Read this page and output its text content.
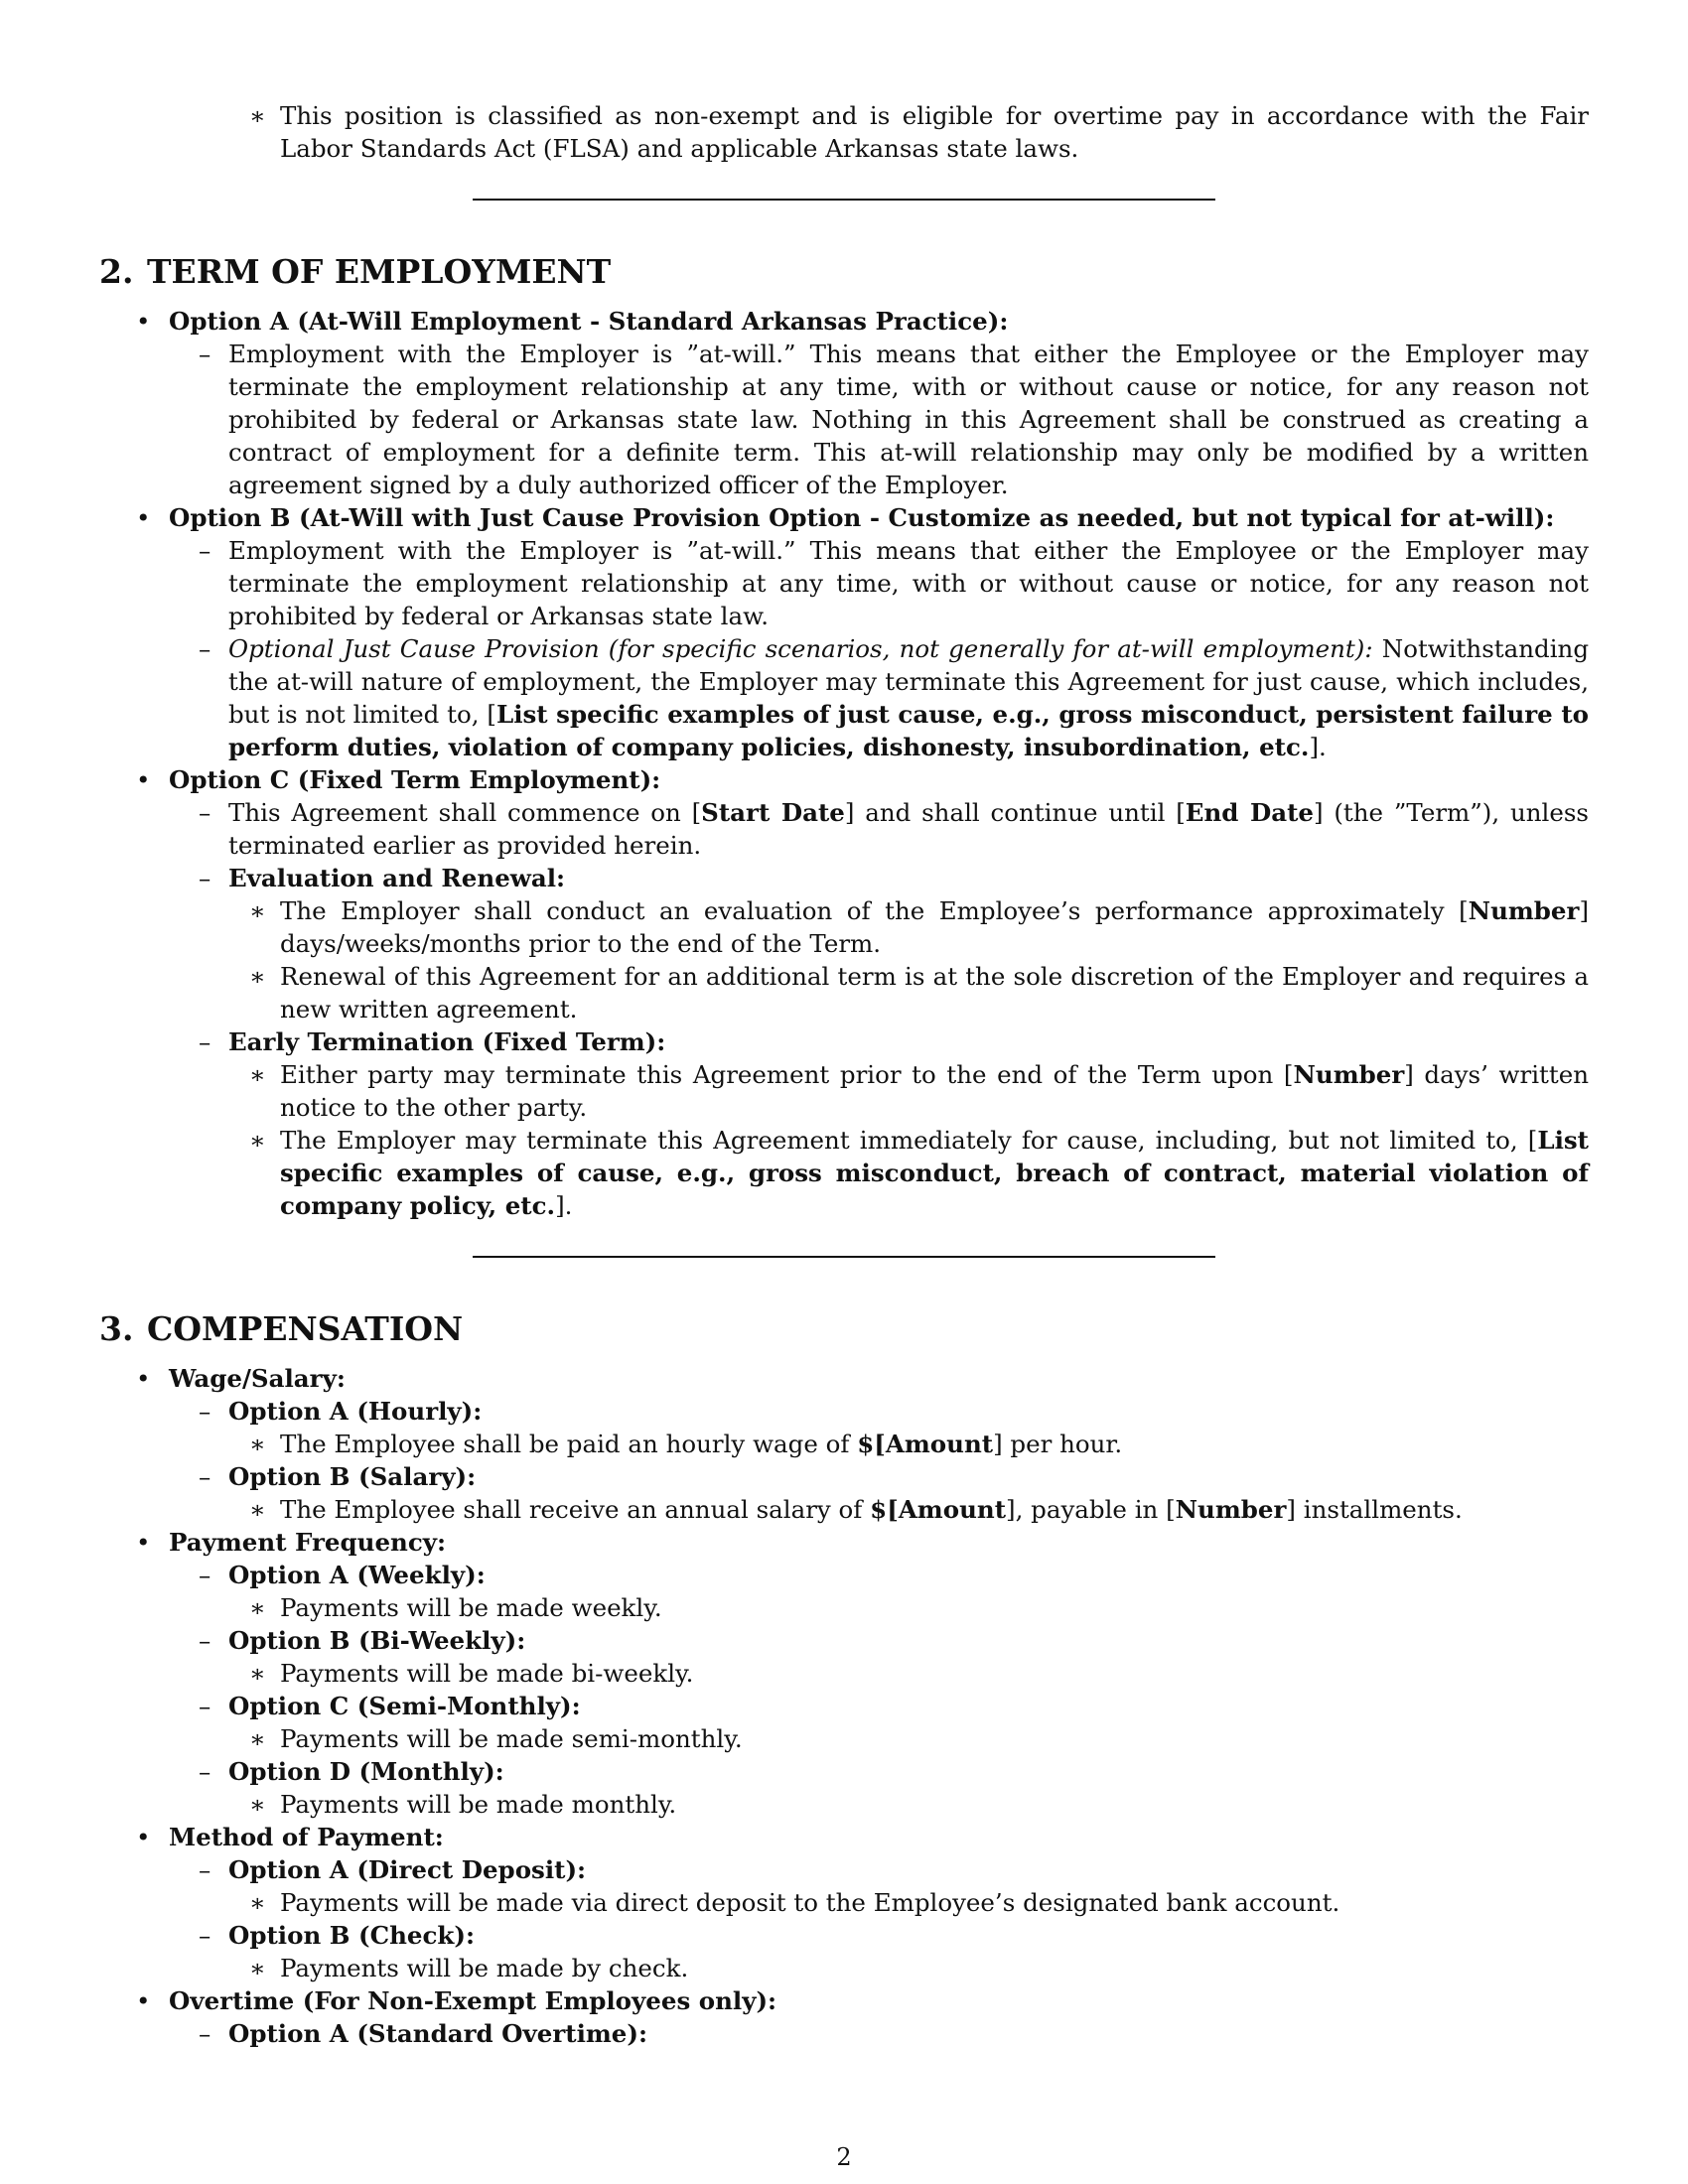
∗ This position is classified as non-exempt and is eligible for overtime pay in accordance with the Fair Labor Standards Act (FLSA) and applicable Arkansas state laws.
2. TERM OF EMPLOYMENT
• Option A (At-Will Employment - Standard Arkansas Practice):
– Employment with the Employer is ”at-will.” This means that either the Employee or the Employer may terminate the employment relationship at any time, with or without cause or notice, for any reason not prohibited by federal or Arkansas state law. Nothing in this Agreement shall be construed as creating a contract of employment for a definite term. This at-will relationship may only be modified by a written agreement signed by a duly authorized officer of the Employer.
• Option B (At-Will with Just Cause Provision Option - Customize as needed, but not typical for at-will):
– Employment with the Employer is ”at-will.” This means that either the Employee or the Employer may terminate the employment relationship at any time, with or without cause or notice, for any reason not prohibited by federal or Arkansas state law.
– Optional Just Cause Provision (for specific scenarios, not generally for at-will employment): Notwithstanding the at-will nature of employment, the Employer may terminate this Agreement for just cause, which includes, but is not limited to, [List specific examples of just cause, e.g., gross misconduct, persistent failure to perform duties, violation of company policies, dishonesty, insubordination, etc.].
• Option C (Fixed Term Employment):
– This Agreement shall commence on [Start Date] and shall continue until [End Date] (the ”Term”), unless terminated earlier as provided herein.
– Evaluation and Renewal:
∗ The Employer shall conduct an evaluation of the Employee’s performance approximately [Number] days/weeks/months prior to the end of the Term.
∗ Renewal of this Agreement for an additional term is at the sole discretion of the Employer and requires a new written agreement.
– Early Termination (Fixed Term):
∗ Either party may terminate this Agreement prior to the end of the Term upon [Number] days’ written notice to the other party.
∗ The Employer may terminate this Agreement immediately for cause, including, but not limited to, [List specific examples of cause, e.g., gross misconduct, breach of contract, material violation of company policy, etc.].
3. COMPENSATION
• Wage/Salary:
– Option A (Hourly):
∗ The Employee shall be paid an hourly wage of $[Amount] per hour.
– Option B (Salary):
∗ The Employee shall receive an annual salary of $[Amount], payable in [Number] installments.
• Payment Frequency:
– Option A (Weekly):
∗ Payments will be made weekly.
– Option B (Bi-Weekly):
∗ Payments will be made bi-weekly.
– Option C (Semi-Monthly):
∗ Payments will be made semi-monthly.
– Option D (Monthly):
∗ Payments will be made monthly.
• Method of Payment:
– Option A (Direct Deposit):
∗ Payments will be made via direct deposit to the Employee’s designated bank account.
– Option B (Check):
∗ Payments will be made by check.
• Overtime (For Non-Exempt Employees only):
– Option A (Standard Overtime):
2
